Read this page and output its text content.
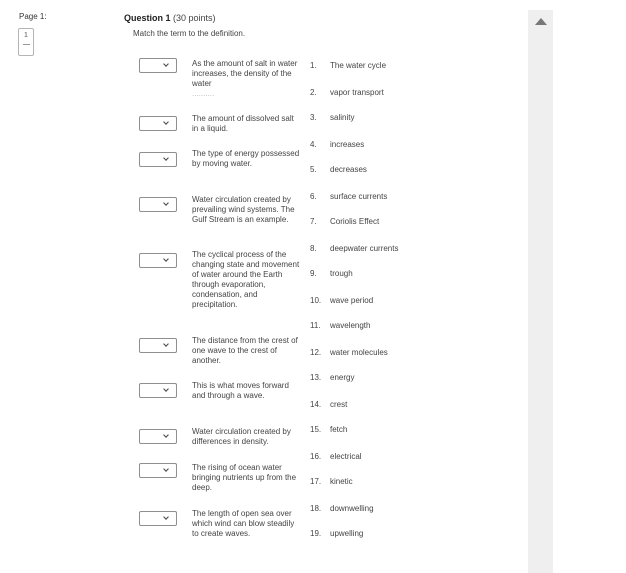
Page 1:
1
Question 1 (30 points)
Match the term to the definition.
As the amount of salt in water increases, the density of the water
..........
The amount of dissolved salt in a liquid.
The type of energy possessed by moving water.
Water circulation created by prevailing wind systems. The Gulf Stream is an example.
The cyclical process of the changing state and movement of water around the Earth through evaporation, condensation, and precipitation.
The distance from the crest of one wave to the crest of another.
This is what moves forward and through a wave.
Water circulation created by differences in density.
The rising of ocean water bringing nutrients up from the deep.
The length of open sea over which wind can blow steadily to create waves.
1.	The water cycle
2.	vapor transport
3.	salinity
4.	increases
5.	decreases
6.	surface currents
7.	Coriolis Effect
8.	deepwater currents
9.	trough
10.	wave period
11.	wavelength
12.	water molecules
13.	energy
14.	crest
15.	fetch
16.	electrical
17.	kinetic
18.	downwelling
19.	upwelling
